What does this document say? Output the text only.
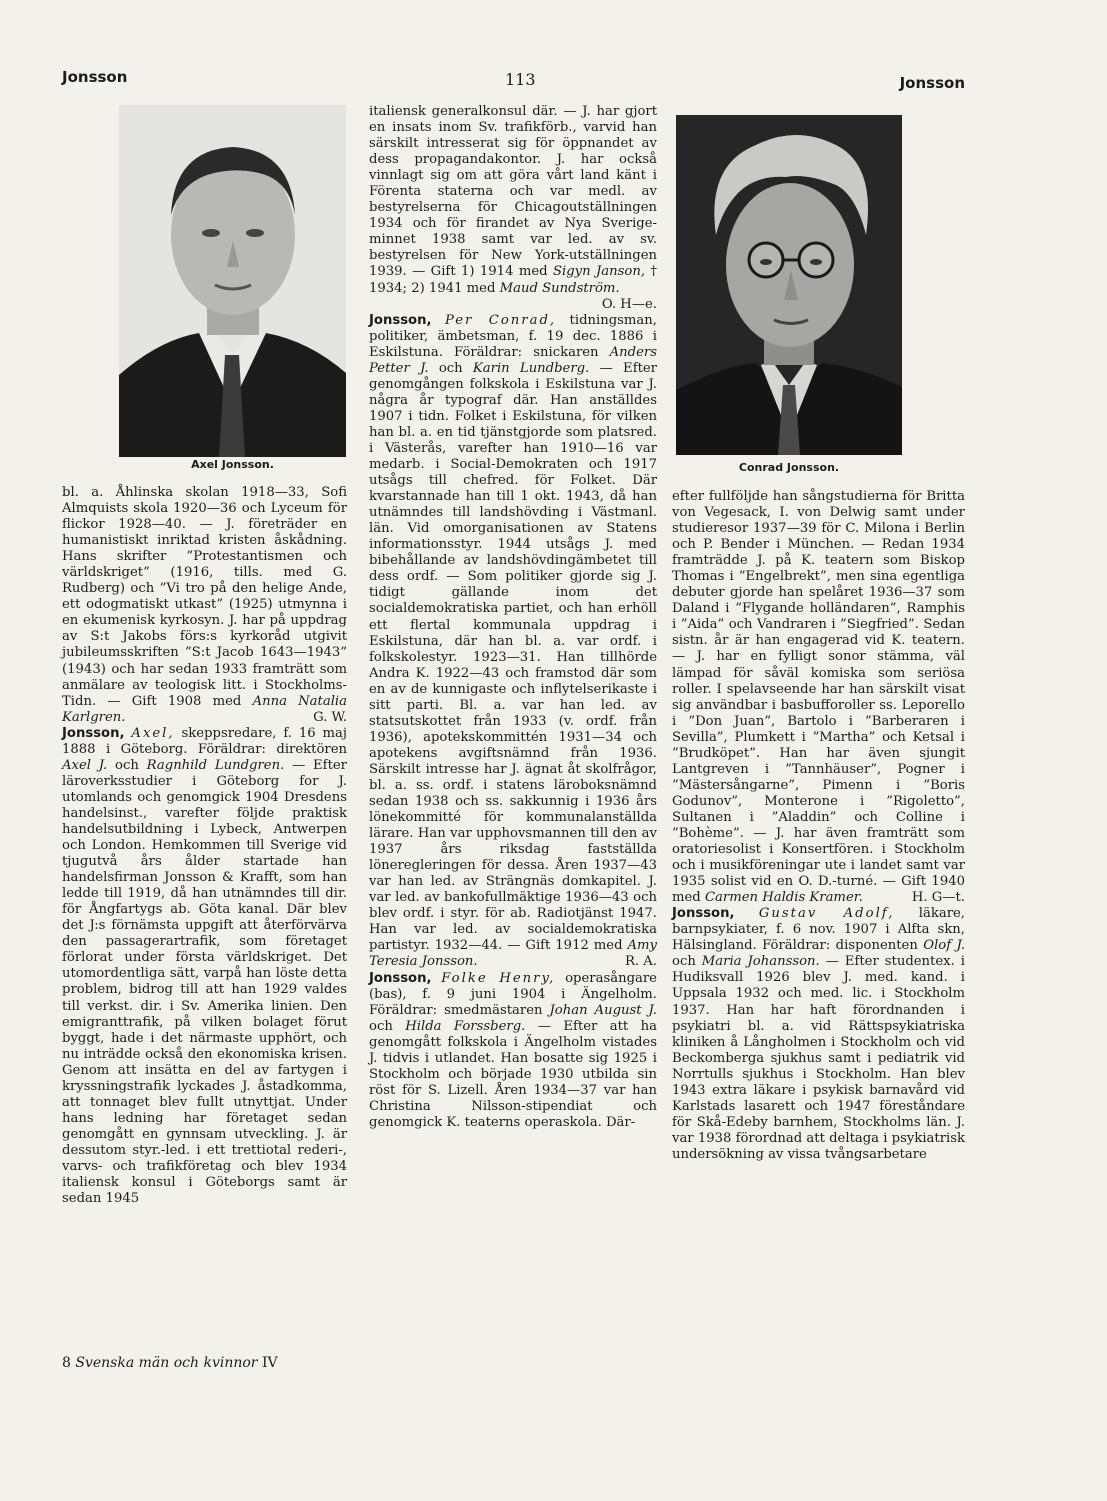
Jonsson	113	Jonsson
Axel Jonsson.	Conrad Jonsson.

bl. a. Åhlinska skolan 1918—33, Sofi Almquists skola 1920—36 och Lyceum för flickor 1928—40. — J. företräder en humanistiskt inriktad kristen åskådning. Hans skrifter ”Protestantismen och världskriget” (1916, tills. med G. Rudberg) och ”Vi tro på den helige Ande, ett odogmatiskt utkast” (1925) utmynna i en ekumenisk kyrkosyn. J. har på uppdrag av S:t Jakobs förs:s kyrkoråd utgivit jubileumsskriften ”S:t Jacob 1643—1943” (1943) och har sedan 1933 framträtt som anmälare av teologisk litt. i Stockholms-Tidn. — Gift 1908 med Anna Natalia Karlgren.	G. W.

Jonsson, Axel, skeppsredare, f. 16 maj 1888 i Göteborg. Föräldrar: direktören Axel J. och Ragnhild Lundgren. — Efter läroverksstudier i Göteborg for J. utomlands och genomgick 1904 Dresdens handelsinst., varefter följde praktisk handelsutbildning i Lybeck, Antwerpen och London. Hemkommen till Sverige vid tjugutvå års ålder startade han handelsfirman Jonsson & Krafft, som han ledde till 1919, då han utnämndes till dir. för Ångfartygs ab. Göta kanal. Där blev det J:s förnämsta uppgift att återförvärva den passagerartrafik, som företaget förlorat under första världskriget. Det utomordentliga sätt, varpå han löste detta problem, bidrog till att han 1929 valdes till verkst. dir. i Sv. Amerika linien. Den emigranttrafik, på vilken bolaget förut byggt, hade i det närmaste upphört, och nu inträdde också den ekonomiska krisen. Genom att insätta en del av fartygen i kryssningstrafik lyckades J. åstadkomma, att tonnaget blev fullt utnyttjat. Under hans ledning har företaget sedan genomgått en gynnsam utveckling. J. är dessutom styr.-led. i ett trettiotal rederi-, varvs- och trafikföretag och blev 1934 italiensk konsul i Göteborgs samt är sedan 1945

italiensk generalkonsul där. — J. har gjort en insats inom Sv. trafikförb., varvid han särskilt intresserat sig för öppnandet av dess propagandakontor. J. har också vinnlagt sig om att göra vårt land känt i Förenta staterna och var medl. av bestyrelserna för Chicagoutställningen 1934 och för firandet av Nya Sverige-minnet 1938 samt var led. av sv. bestyrelsen för New York-utställningen 1939. — Gift 1) 1914 med Sigyn Janson, † 1934; 2) 1941 med Maud Sundström.

O. H—e.

Jonsson, Per Conrad, tidningsman, politiker, ämbetsman, f. 19 dec. 1886 i Eskilstuna. Föräldrar: snickaren Anders Petter J. och Karin Lundberg. — Efter genomgången folkskola i Eskilstuna var J. några år typograf där. Han anställdes 1907 i tidn. Folket i Eskilstuna, för vilken han bl. a. en tid tjänstgjorde som platsred. i Västerås, varefter han 1910—16 var medarb. i Social-Demokraten och 1917 utsågs till chefred. för Folket. Där kvarstannade han till 1 okt. 1943, då han utnämndes till landshövding i Västmanl. län. Vid omorganisationen av Statens informationsstyr. 1944 utsågs J. med bibehållande av landshövdingämbetet till dess ordf. — Som politiker gjorde sig J. tidigt gällande inom det socialdemokratiska partiet, och han erhöll ett flertal kommunala uppdrag i Eskilstuna, där han bl. a. var ordf. i folkskolestyr. 1923—31. Han tillhörde Andra K. 1922—43 och framstod där som en av de kunnigaste och inflytelserikaste i sitt parti. Bl. a. var han led. av statsutskottet från 1933 (v. ordf. från 1936), apotekskommittén 1931—34 och apotekens avgiftsnämnd från 1936. Särskilt intresse har J. ägnat åt skolfrågor, bl. a. ss. ordf. i statens läroboksnämnd sedan 1938 och ss. sakkunnig i 1936 års lönekommitté för kommunalanställda lärare. Han var upphovsmannen till den av 1937 års riksdag fastställda löneregleringen för dessa. Åren 1937—43 var han led. av Strängnäs domkapitel. J. var led. av bankofullmäktige 1936—43 och blev ordf. i styr. för ab. Radiotjänst 1947. Han var led. av socialdemokratiska partistyr. 1932—44. — Gift 1912 med Amy Teresia Jonsson.	R. A.

Jonsson, Folke Henry, operasångare (bas), f. 9 juni 1904 i Ängelholm. Föräldrar: smedmästaren Johan August J. och Hilda Forssberg. — Efter att ha genomgått folkskola i Ängelholm vistades J. tidvis i utlandet. Han bosatte sig 1925 i Stockholm och började 1930 utbilda sin röst för S. Lizell. Åren 1934—37 var han Christina Nilsson-stipendiat och genomgick K. teaterns operaskola. Där-

efter fullföljde han sångstudierna för Britta von Vegesack, I. von Delwig samt under studieresor 1937—39 för C. Milona i Berlin och P. Bender i München. — Redan 1934 framträdde J. på K. teatern som Biskop Thomas i ”Engelbrekt”, men sina egentliga debuter gjorde han spelåret 1936—37 som Daland i ”Flygande holländaren”, Ramphis i ”Aida” och Vandraren i ”Siegfried”. Sedan sistn. år är han engagerad vid K. teatern. — J. har en fylligt sonor stämma, väl lämpad för såväl komiska som seriösa roller. I spelavseende har han särskilt visat sig användbar i basbufforoller ss. Leporello i ”Don Juan”, Bartolo i ”Barberaren i Sevilla”, Plumkett i ”Martha” och Ketsal i ”Brudköpet”. Han har även sjungit Lantgreven i ”Tannhäuser”, Pogner i ”Mästersångarne”, Pimenn i ”Boris Godunov”, Monterone i ”Rigoletto”, Sultanen i ”Aladdin” och Colline i ”Bohème”. — J. har även framträtt som oratoriesolist i Konsertfören. i Stockholm och i musikföreningar ute i landet samt var 1935 solist vid en O. D.-turné. — Gift 1940 med Carmen Haldis Kramer.	H. G—t.

Jonsson, Gustav Adolf, läkare, barnpsykiater, f. 6 nov. 1907 i Alfta skn, Hälsingland. Föräldrar: disponenten Olof J. och Maria Johansson. — Efter studentex. i Hudiksvall 1926 blev J. med. kand. i Uppsala 1932 och med. lic. i Stockholm 1937. Han har haft förordnanden i psykiatri bl. a. vid Rättspsykiatriska kliniken å Långholmen i Stockholm och vid Beckomberga sjukhus samt i pediatrik vid Norrtulls sjukhus i Stockholm. Han blev 1943 extra läkare i psykisk barnavård vid Karlstads lasarett och 1947 föreståndare för Skå-Edeby barnhem, Stockholms län. J. var 1938 förordnad att deltaga i psykiatrisk undersökning av vissa tvångsarbetare

8 Svenska män och kvinnor IV
